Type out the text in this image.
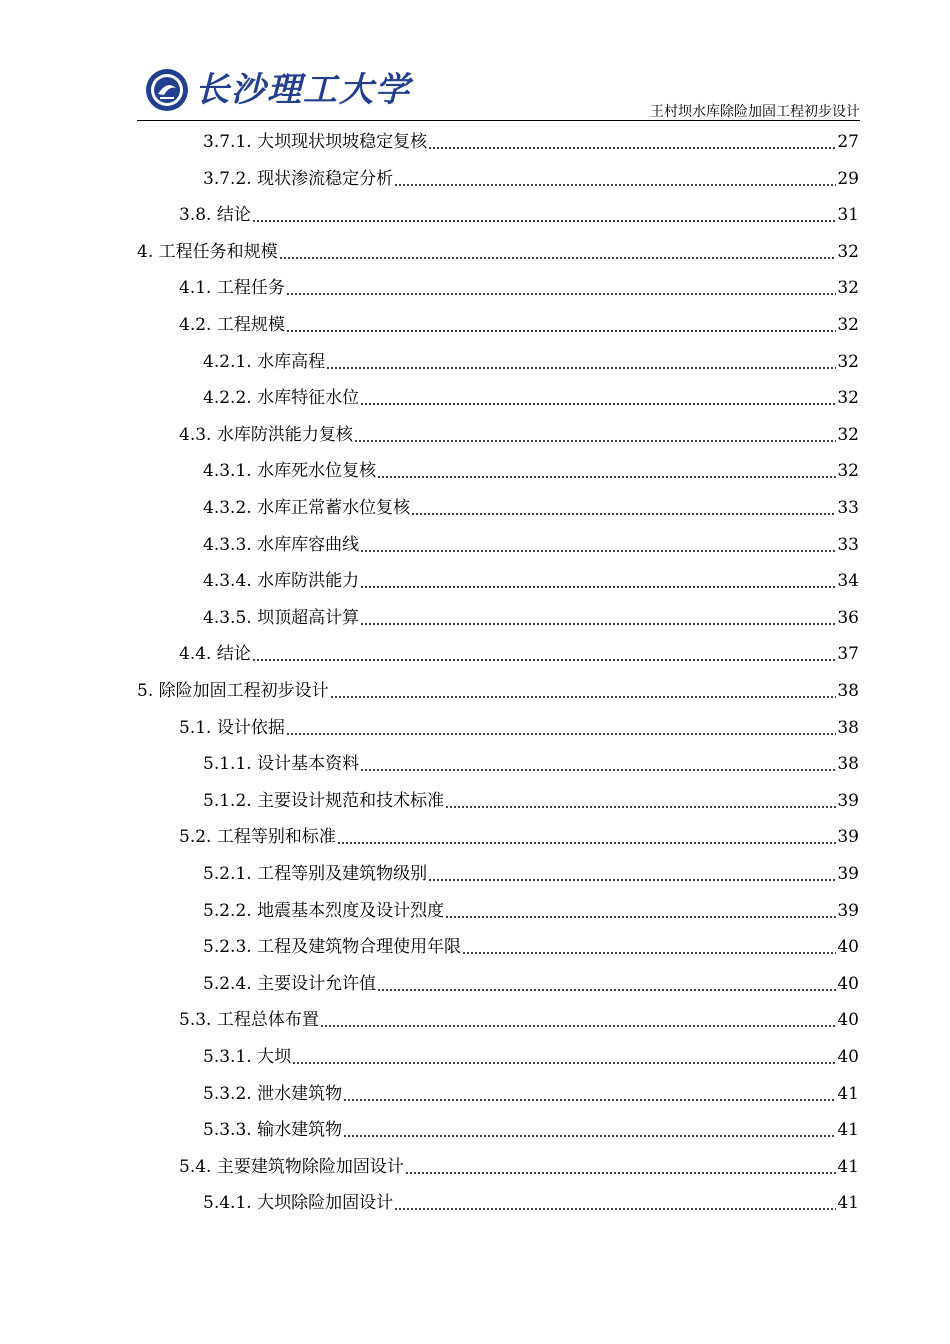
长沙理工大学
王村坝水库除险加固工程初步设计
3.7.1. 大坝现状坝坡稳定复核	27
3.7.2. 现状渗流稳定分析	29
3.8. 结论	31
4. 工程任务和规模	32
4.1. 工程任务	32
4.2. 工程规模	32
4.2.1. 水库高程	32
4.2.2. 水库特征水位	32
4.3. 水库防洪能力复核	32
4.3.1. 水库死水位复核	32
4.3.2. 水库正常蓄水位复核	33
4.3.3. 水库库容曲线	33
4.3.4. 水库防洪能力	34
4.3.5. 坝顶超高计算	36
4.4. 结论	37
5. 除险加固工程初步设计	38
5.1. 设计依据	38
5.1.1. 设计基本资料	38
5.1.2. 主要设计规范和技术标准	39
5.2. 工程等别和标准	39
5.2.1. 工程等别及建筑物级别	39
5.2.2. 地震基本烈度及设计烈度	39
5.2.3. 工程及建筑物合理使用年限	40
5.2.4. 主要设计允许值	40
5.3. 工程总体布置	40
5.3.1. 大坝	40
5.3.2. 泄水建筑物	41
5.3.3. 输水建筑物	41
5.4. 主要建筑物除险加固设计	41
5.4.1. 大坝除险加固设计	41
